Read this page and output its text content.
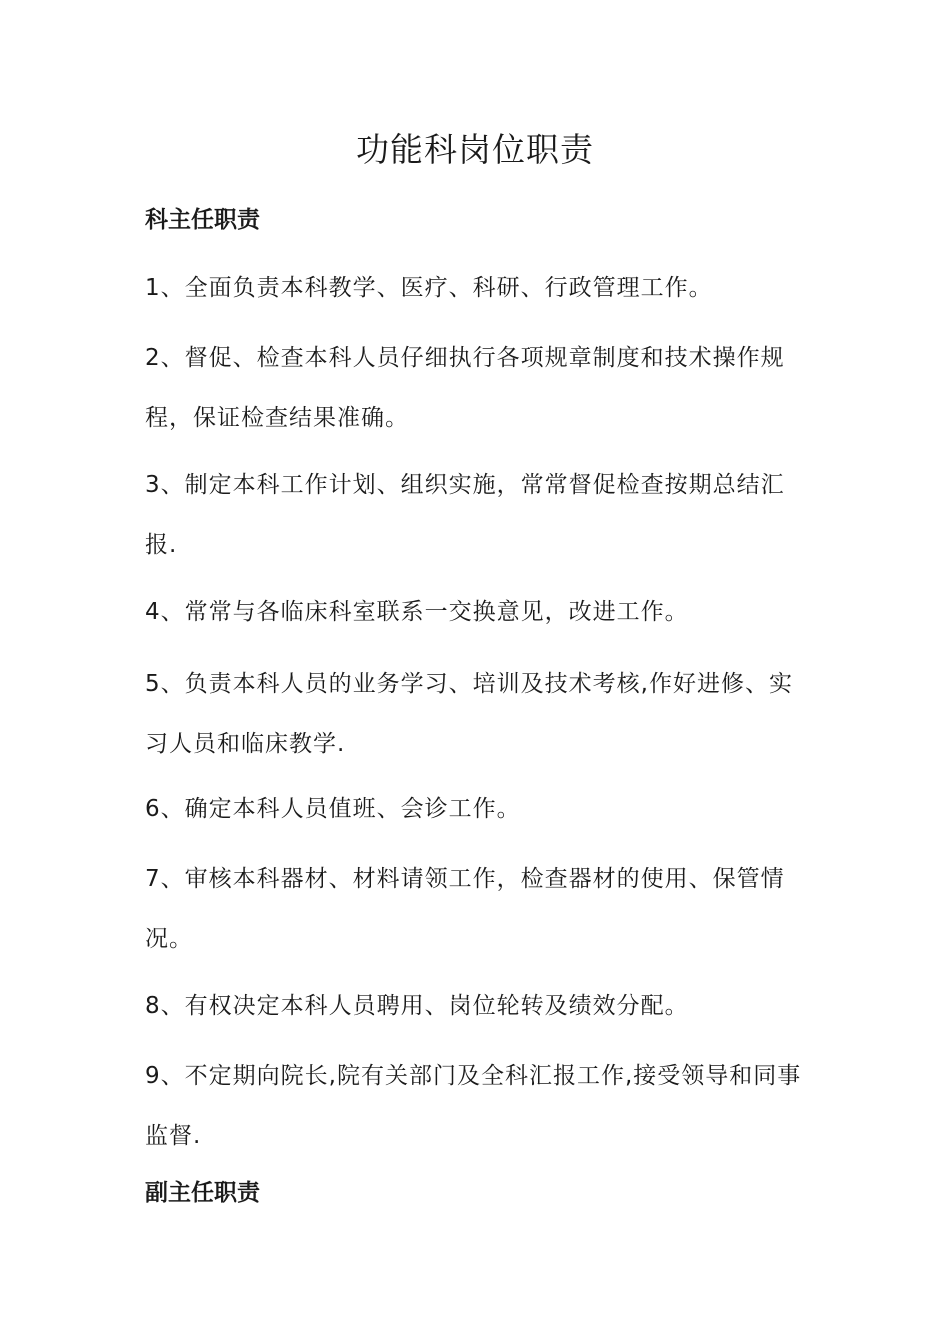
功能科岗位职责
科主任职责
1、全面负责本科教学、医疗、科研、行政管理工作。
2、督促、检查本科人员仔细执行各项规章制度和技术操作规程，保证检查结果准确。
3、制定本科工作计划、组织实施，常常督促检查按期总结汇报.
4、常常与各临床科室联系一交换意见，改进工作。
5、负责本科人员的业务学习、培训及技术考核,作好进修、实习人员和临床教学.
6、确定本科人员值班、会诊工作。
7、审核本科器材、材料请领工作，检查器材的使用、保管情况。
8、有权决定本科人员聘用、岗位轮转及绩效分配。
9、不定期向院长,院有关部门及全科汇报工作,接受领导和同事监督.
副主任职责
